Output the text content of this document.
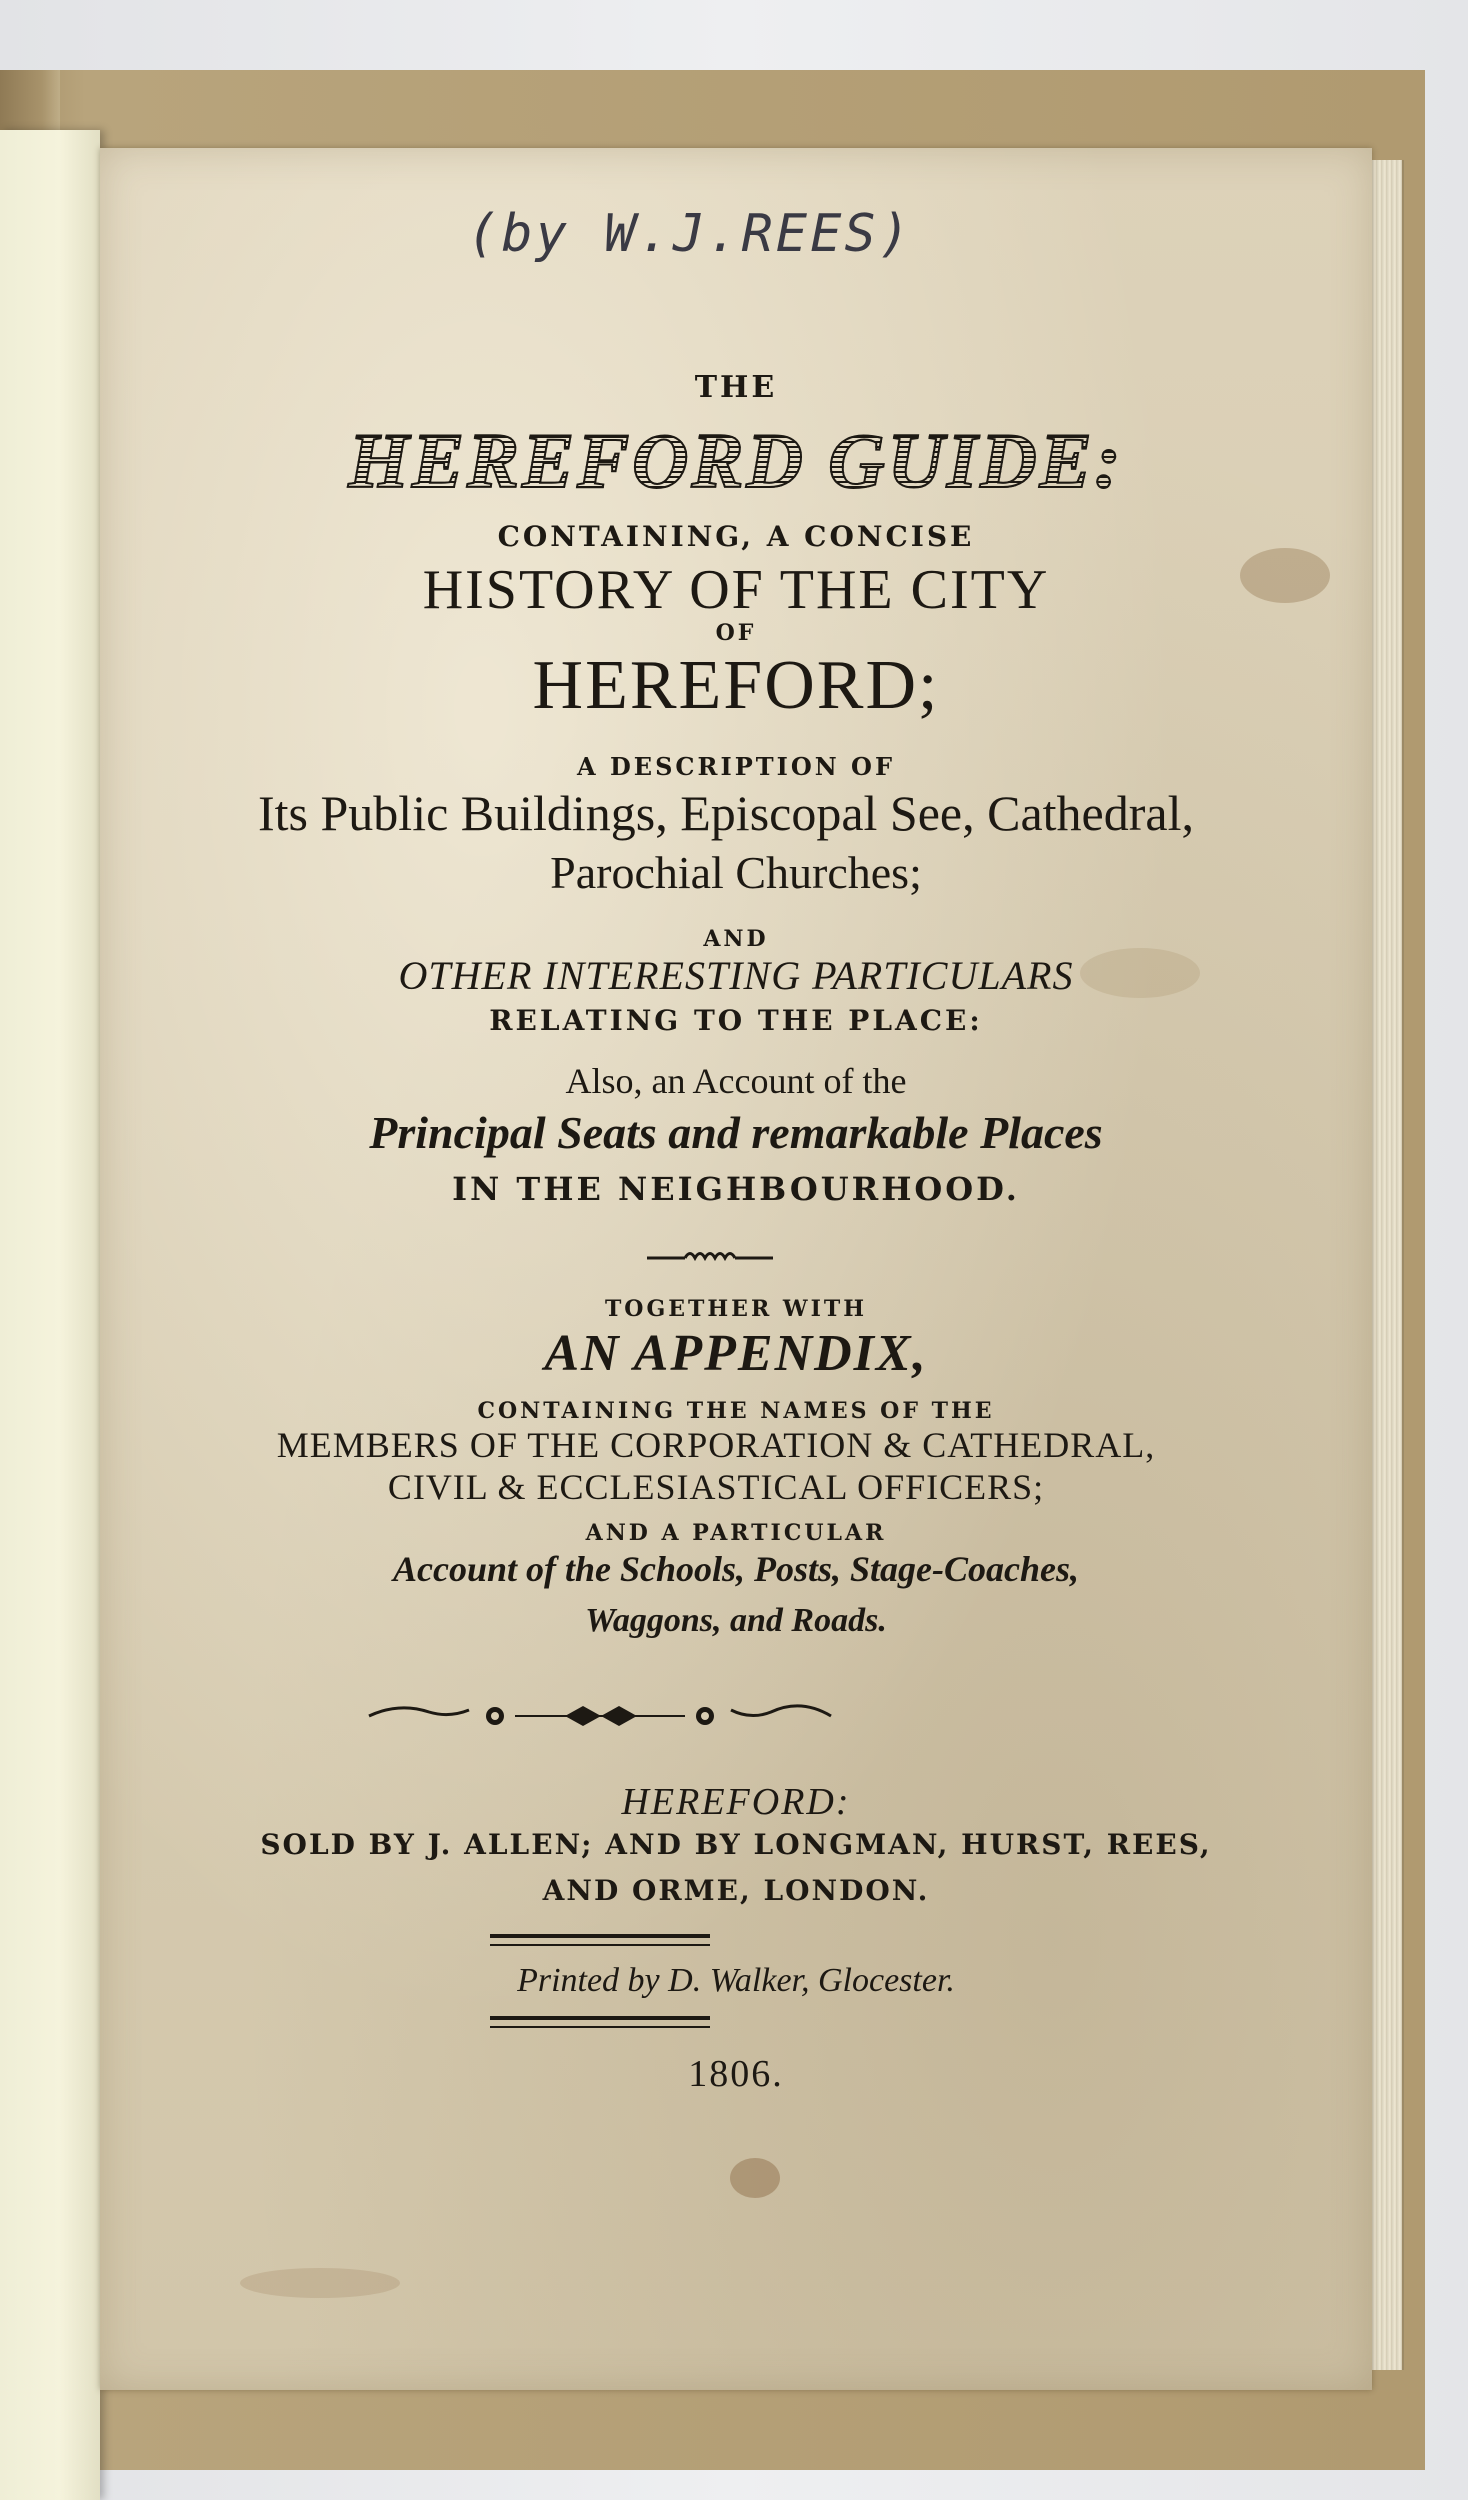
(by W.J.REES)
THE
HEREFORD GUIDE:
CONTAINING, A CONCISE
HISTORY OF THE CITY
OF
HEREFORD;
A DESCRIPTION OF
Its Public Buildings, Episcopal See, Cathedral,
Parochial Churches;
AND
OTHER INTERESTING PARTICULARS
RELATING TO THE PLACE:
Also, an Account of the
Principal Seats and remarkable Places
IN THE NEIGHBOURHOOD.
TOGETHER WITH
AN APPENDIX,
CONTAINING THE NAMES OF THE
MEMBERS OF THE CORPORATION & CATHEDRAL,
CIVIL & ECCLESIASTICAL OFFICERS;
AND A PARTICULAR
Account of the Schools, Posts, Stage-Coaches,
Waggons, and Roads.
HEREFORD:
SOLD BY J. ALLEN; AND BY LONGMAN, HURST, REES,
AND ORME, LONDON.
Printed by D. Walker, Glocester.
1806.
